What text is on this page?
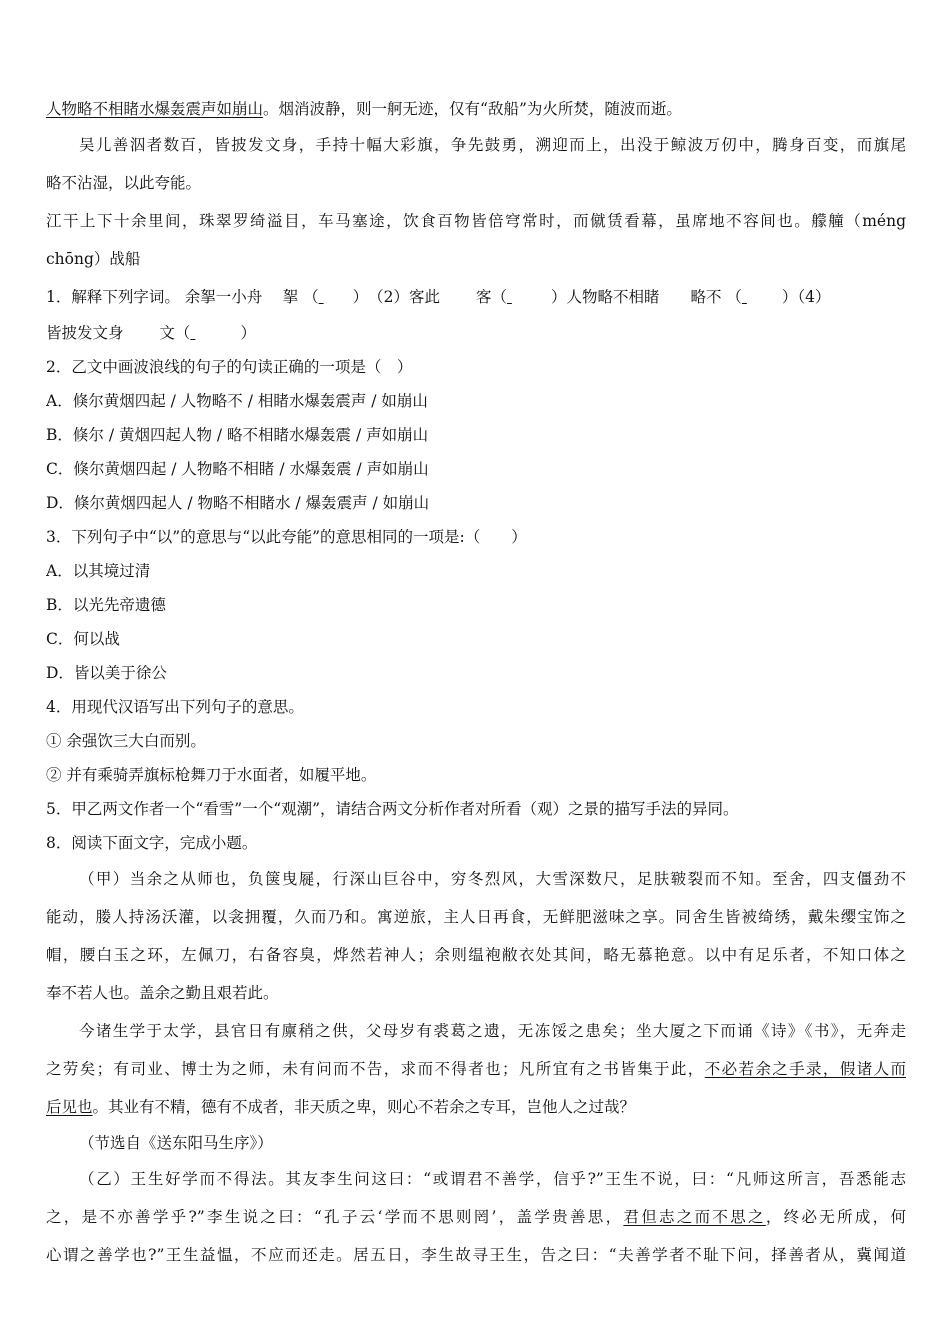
人物略不相睹水爆轰震声如崩山。烟消波静，则一舸无迹，仅有“敌船”为火所焚，随波而逝。
吴儿善泅者数百，皆披发文身，手持十幅大彩旗，争先鼓勇，溯迎而上，出没于鲸波万仞中，腾身百变，而旗尾
略不沾湿，以此夸能。
江干上下十余里间，珠翠罗绮溢目，车马塞途，饮食百物皆倍穹常时，而僦赁看幕，虽席地不容间也。艨艟（méng
chōng）战船
1．解释下列字词。 余挐一小舟　 挐 （ ）　（2）客此　　 客（	）人物略不相睹　　略不 （	）（4）
皆披发文身　　 文（	）
2．乙文中画波浪线的句子的句读正确的一项是（　）
A．倏尔黄烟四起 / 人物略不 / 相睹水爆轰震声 / 如崩山
B．倏尔 / 黄烟四起人物 / 略不相睹水爆轰震 / 声如崩山
C．倏尔黄烟四起 / 人物略不相睹 / 水爆轰震 / 声如崩山
D．倏尔黄烟四起人 / 物略不相睹水 / 爆轰震声 / 如崩山
3．下列句子中“以”的意思与“以此夸能”的意思相同的一项是:（　　）
A．以其境过清
B．以光先帝遗德
C．何以战
D．皆以美于徐公
4．用现代汉语写出下列句子的意思。
① 余强饮三大白而别。
② 并有乘骑弄旗标枪舞刀于水面者，如履平地。
5．甲乙两文作者一个“看雪”一个“观潮”，请结合两文分析作者对所看（观）之景的描写手法的异同。
8．阅读下面文字，完成小题。
（甲）当余之从师也，负箧曳屣，行深山巨谷中，穷冬烈风，大雪深数尺，足肤皲裂而不知。至舍，四支僵劲不
能动，媵人持汤沃灌，以衾拥覆，久而乃和。寓逆旅，主人日再食，无鲜肥滋味之享。同舍生皆被绮绣，戴朱缨宝饰之
帽，腰白玉之环，左佩刀，右备容臭，烨然若神人；余则缊袍敝衣处其间，略无慕艳意。以中有足乐者，不知口体之
奉不若人也。盖余之勤且艰若此。
今诸生学于太学，县官日有廪稍之供，父母岁有裘葛之遗，无冻馁之患矣；坐大厦之下而诵《诗》《书》，无奔走
之劳矣；有司业、博士为之师，未有问而不告，求而不得者也；凡所宜有之书皆集于此，不必若余之手录，假诸人而
后见也。其业有不精，德有不成者，非天质之卑，则心不若余之专耳，岂他人之过哉？
（节选自《送东阳马生序》）
（乙）王生好学而不得法。其友李生问这曰：“或谓君不善学，信乎?”王生不说，曰：“凡师这所言，吾悉能志
之，是不亦善学乎?”李生说之曰：“孔子云‘学而不思则罔’，盖学贵善思，君但志之而不思之，终必无所成，何
心谓之善学也?”王生益愠，不应而还走。居五日，李生故寻王生，告之曰：“夫善学者不耻下问，择善者从，冀闻道
